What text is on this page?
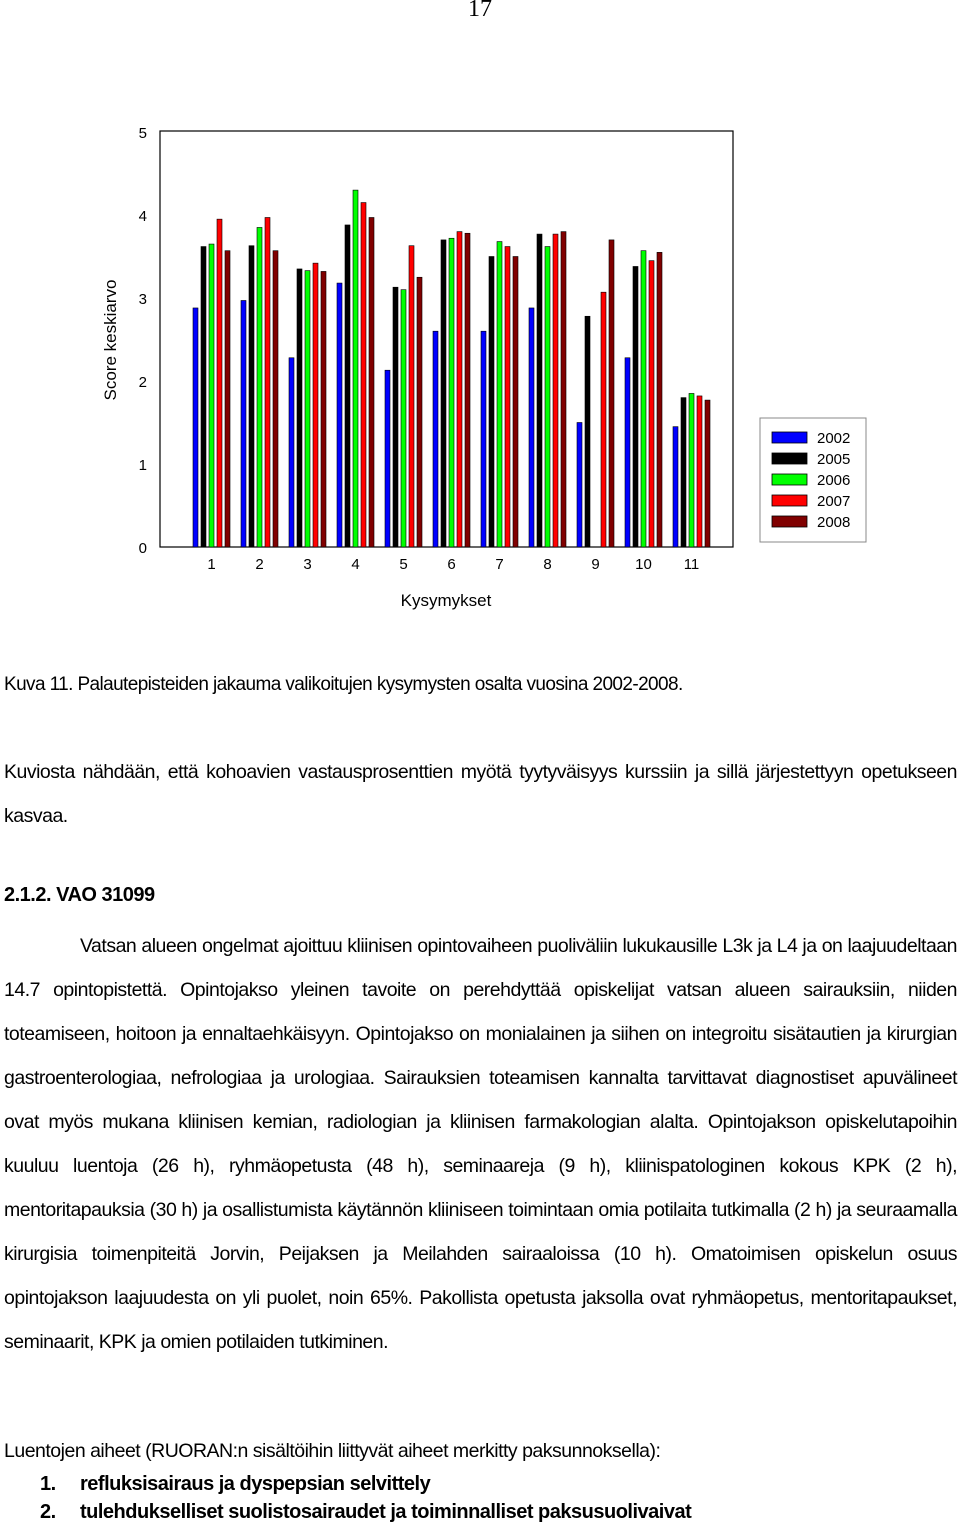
17
0
1
2
3
4
5
1	2	3	4	5	6	7	8	9 10 11
Score keskiarvo
Kysymykset
2002
2005
2006
2007
2008
Kuva 11. Palautepisteiden jakauma valikoitujen kysymysten osalta vuosina 2002-2008.

Kuviosta nähdään, että kohoavien vastausprosenttien myötä tyytyväisyys kurssiin ja sillä järjestettyyn opetukseen kasvaa.

2.1.2. VAO 31099

Vatsan alueen ongelmat ajoittuu kliinisen opintovaiheen puoliväliin lukukausille L3k ja L4 ja on laajuudeltaan 14.7 opintopistettä. Opintojakso yleinen tavoite on perehdyttää opiskelijat vatsan alueen sairauksiin, niiden toteamiseen, hoitoon ja ennaltaehkäisyyn. Opintojakso on monialainen ja siihen on integroitu sisätautien ja kirurgian gastroenterologiaa, nefrologiaa ja urologiaa. Sairauksien toteamisen kannalta tarvittavat diagnostiset apuvälineet ovat myös mukana kliinisen kemian, radiologian ja kliinisen farmakologian alalta. Opintojakson opiskelutapoihin kuuluu luentoja (26 h), ryhmäopetusta (48 h), seminaareja (9 h), kliinispatologinen kokous KPK (2 h), mentoritapauksia (30 h) ja osallistumista käytännön kliiniseen toimintaan omia potilaita tutkimalla (2 h) ja seuraamalla kirurgisia toimenpiteitä Jorvin, Peijaksen ja Meilahden sairaaloissa (10 h). Omatoimisen opiskelun osuus opintojakson laajuudesta on yli puolet, noin 65%. Pakollista opetusta jaksolla ovat ryhmäopetus, mentoritapaukset, seminaarit, KPK ja omien potilaiden tutkiminen.

Luentojen aiheet (RUORAN:n sisältöihin liittyvät aiheet merkitty paksunnoksella):
1. refluksisairaus ja dyspepsian selvittely
2. tulehdukselliset suolistosairaudet ja toiminnalliset paksusuolivaivat
